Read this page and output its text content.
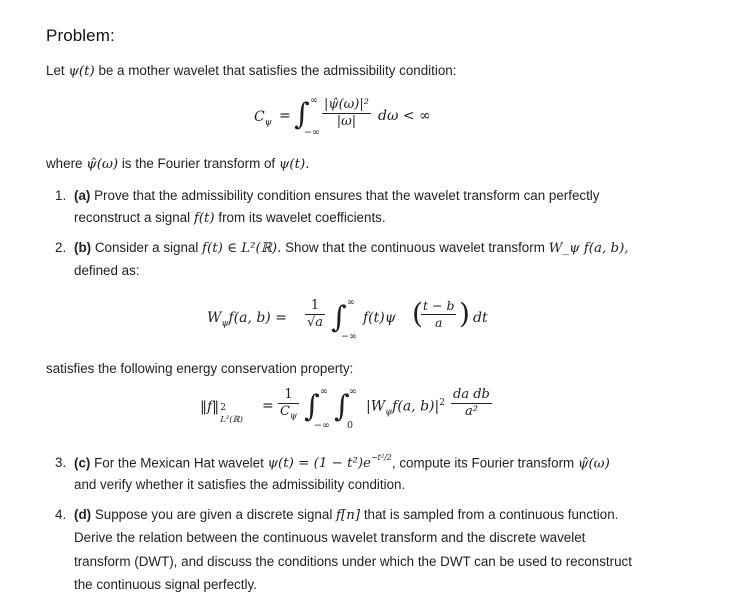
Problem:
Let ψ(t) be a mother wavelet that satisfies the admissibility condition:
$C_\psi$ = ∫ ∞
−∞
$\frac{\text{|ψ̂(ω)|²}}{|\omega|}$ dω < ∞
where ψ̂(ω) is the Fourier transform of ψ(t).
1. (a) Prove that the admissibility condition ensures that the wavelet transform can perfectly
reconstruct a signal f(t) from its wavelet coefficients.
2. (b) Consider a signal f(t) ∈ L²(ℝ). Show that the continuous wavelet transform W_ψ f(a, b),
defined as:
$W_\psi f(a$, $b) = \frac{1}{√a}$ ∫ ∞
−∞
f(t)ψ (
$\frac{t - b}{a}$ ) dt
satisfies the following energy conservation property:
‖f‖ 2
L²(ℝ)
= $\frac{1}{C_\psi}$ ∫ ∞
−∞
∫ ∞
0
$|W_\psi f(a$, $b)|^2 \frac{\text{da db}}{\text{a²}}$
3. (c) For the Mexican Hat wavelet $\psi(t) = (1 - t^2)e^{-t^2/2}$, compute its Fourier transform ψ̂(ω)
and verify whether it satisfies the admissibility condition.
4. (d) Suppose you are given a discrete signal f[n] that is sampled from a continuous function.
Derive the relation between the continuous wavelet transform and the discrete wavelet
transform (DWT), and discuss the conditions under which the DWT can be used to reconstruct
the continuous signal perfectly.
